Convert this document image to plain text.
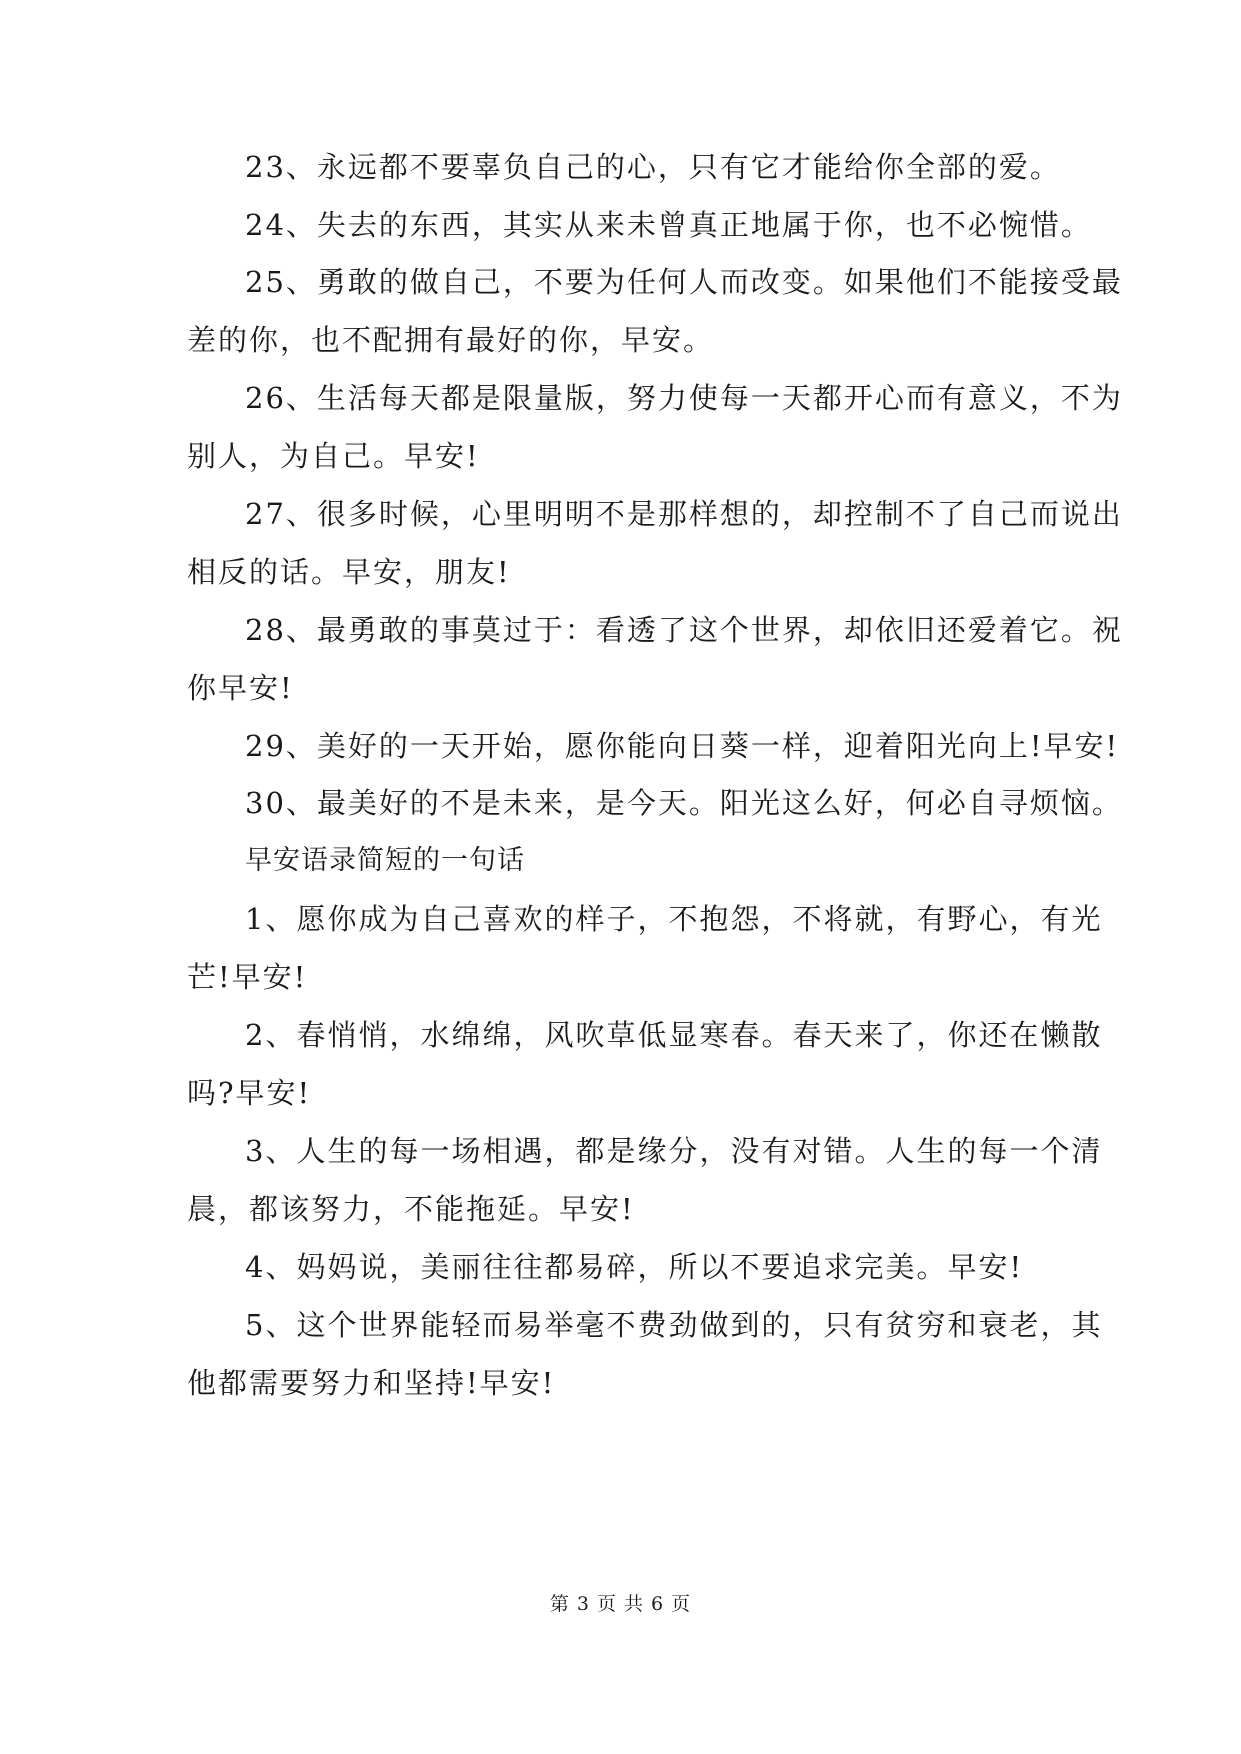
23、永远都不要辜负自己的心，只有它才能给你全部的爱。
24、失去的东西，其实从来未曾真正地属于你，也不必惋惜。
25、勇敢的做自己，不要为任何人而改变。如果他们不能接受最
差的你，也不配拥有最好的你，早安。
26、生活每天都是限量版，努力使每一天都开心而有意义，不为
别人，为自己。早安!
27、很多时候，心里明明不是那样想的，却控制不了自己而说出
相反的话。早安，朋友!
28、最勇敢的事莫过于：看透了这个世界，却依旧还爱着它。祝
你早安!
29、美好的一天开始，愿你能向日葵一样，迎着阳光向上!早安!
30、最美好的不是未来，是今天。阳光这么好，何必自寻烦恼。
早安语录简短的一句话
1、愿你成为自己喜欢的样子，不抱怨，不将就，有野心，有光
芒!早安!
2、春悄悄，水绵绵，风吹草低显寒春。春天来了，你还在懒散
吗?早安!
3、人生的每一场相遇，都是缘分，没有对错。人生的每一个清
晨，都该努力，不能拖延。早安!
4、妈妈说，美丽往往都易碎，所以不要追求完美。早安!
5、这个世界能轻而易举毫不费劲做到的，只有贫穷和衰老，其
他都需要努力和坚持!早安!
第 3 页 共 6 页
